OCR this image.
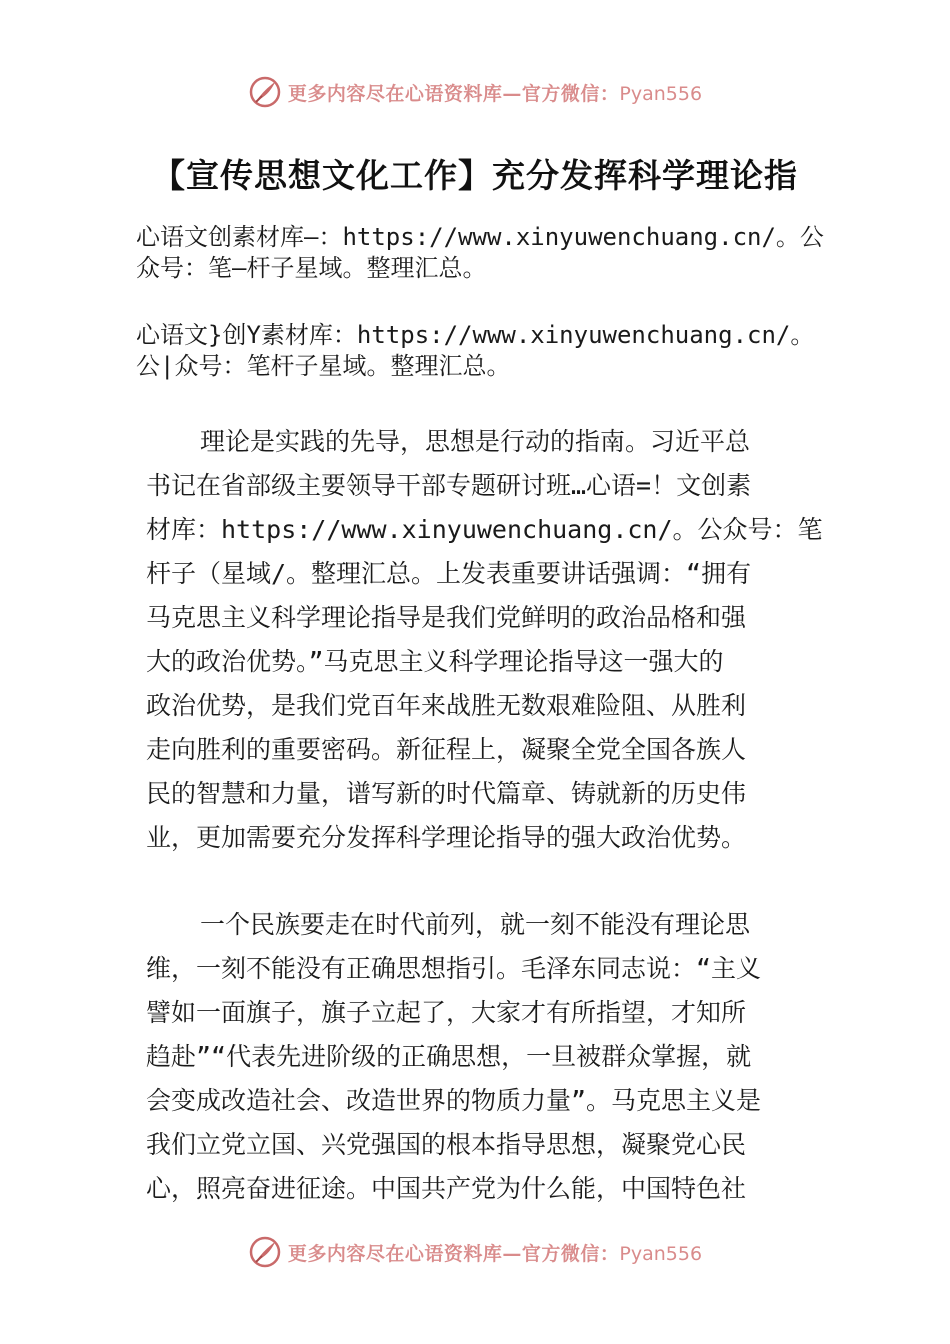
更多内容尽在心语资料库—官方微信：Pyan556
【宣传思想文化工作】充分发挥科学理论指
心语文创素材库—：https://www.xinyuwenchuang.cn/。公
众号：笔—杆子星域。整理汇总。
心语文}创Y素材库：https://www.xinyuwenchuang.cn/。
公|众号：笔杆子星域。整理汇总。
理论是实践的先导，思想是行动的指南。习近平总
书记在省部级主要领导干部专题研讨班…心语=！文创素
材库：https://www.xinyuwenchuang.cn/。公众号：笔
杆子（星域/。整理汇总。上发表重要讲话强调：“拥有
马克思主义科学理论指导是我们党鲜明的政治品格和强
大的政治优势。”马克思主义科学理论指导这一强大的
政治优势，是我们党百年来战胜无数艰难险阻、从胜利
走向胜利的重要密码。新征程上，凝聚全党全国各族人
民的智慧和力量，谱写新的时代篇章、铸就新的历史伟
业，更加需要充分发挥科学理论指导的强大政治优势。
一个民族要走在时代前列，就一刻不能没有理论思
维，一刻不能没有正确思想指引。毛泽东同志说：“主义
譬如一面旗子，旗子立起了，大家才有所指望，才知所
趋赴”“代表先进阶级的正确思想，一旦被群众掌握，就
会变成改造社会、改造世界的物质力量”。马克思主义是
我们立党立国、兴党强国的根本指导思想，凝聚党心民
心，照亮奋进征途。中国共产党为什么能，中国特色社
更多内容尽在心语资料库—官方微信：Pyan556
